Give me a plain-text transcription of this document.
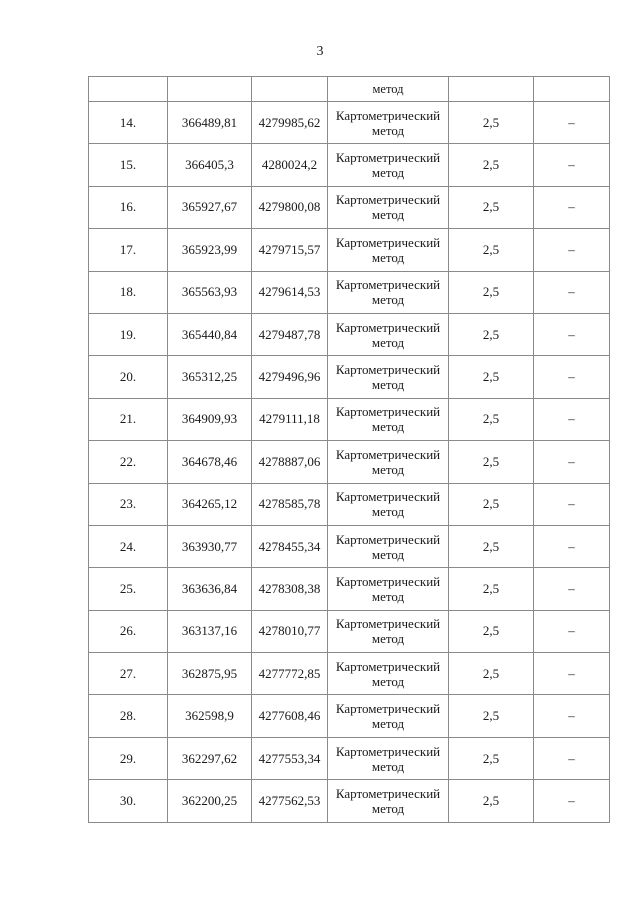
3
			метод		
14.	366489,81	4279985,62	Картометрический
метод	2,5	–
15.	366405,3	4280024,2	Картометрический
метод	2,5	–
16.	365927,67	4279800,08	Картометрический
метод	2,5	–
17.	365923,99	4279715,57	Картометрический
метод	2,5	–
18.	365563,93	4279614,53	Картометрический
метод	2,5	–
19.	365440,84	4279487,78	Картометрический
метод	2,5	–
20.	365312,25	4279496,96	Картометрический
метод	2,5	–
21.	364909,93	4279111,18	Картометрический
метод	2,5	–
22.	364678,46	4278887,06	Картометрический
метод	2,5	–
23.	364265,12	4278585,78	Картометрический
метод	2,5	–
24.	363930,77	4278455,34	Картометрический
метод	2,5	–
25.	363636,84	4278308,38	Картометрический
метод	2,5	–
26.	363137,16	4278010,77	Картометрический
метод	2,5	–
27.	362875,95	4277772,85	Картометрический
метод	2,5	–
28.	362598,9	4277608,46	Картометрический
метод	2,5	–
29.	362297,62	4277553,34	Картометрический
метод	2,5	–
30.	362200,25	4277562,53	Картометрический
метод	2,5	–
